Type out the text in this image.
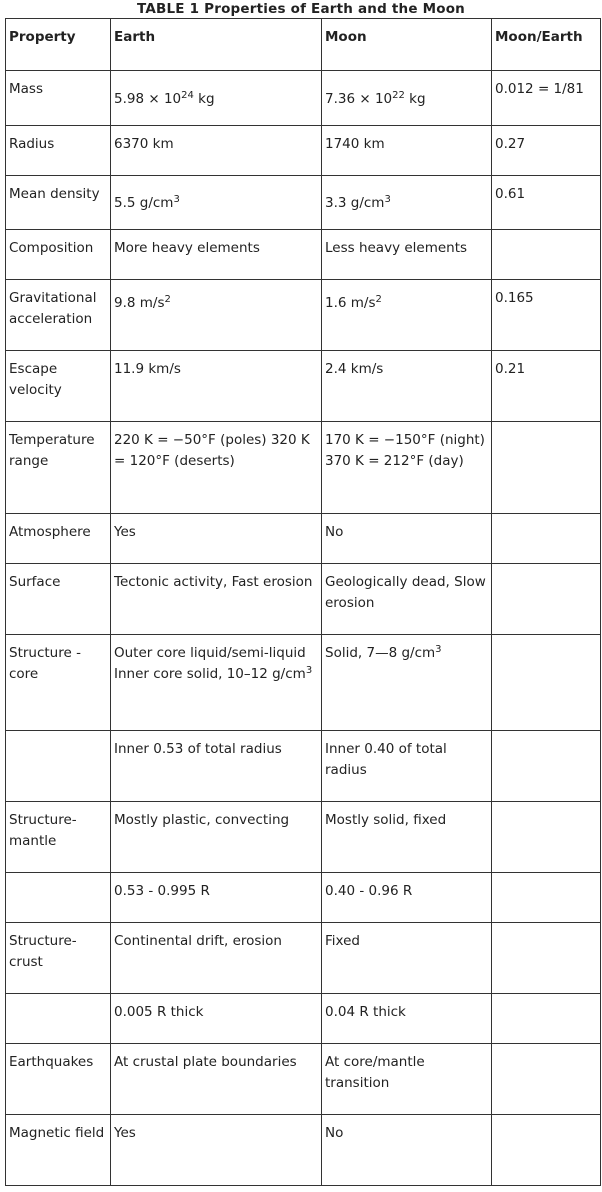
TABLE 1 Properties of Earth and the Moon
Property	Earth	Moon	Moon/Earth
Mass	$5.98 \times 10^{24}$ kg	$7.36 \times 10^{22}$ kg	0.012 = 1/81
Radius	6370 km	1740 km	0.27
Mean density	5.5 $g/cm^3$	3.3 $g/cm^3$	0.61
Composition	More heavy elements	Less heavy elements	
Gravitational acceleration	9.8 $m/s^2$	1.6 $m/s^2$	0.165
Escape velocity	11.9 km/s	2.4 km/s	0.21
Temperature range	220 K = −50°F (poles) 320 K = 120°F (deserts)	170 K = −150°F (night) 370 K = 212°F (day)	
Atmosphere	Yes	No	
Surface	Tectonic activity, Fast erosion	Geologically dead, Slow erosion	
Structure - core	Outer core liquid/semi-liquid Inner core solid, 10–12 $g/cm^3$	Solid, 7—8 $g/cm^3$	
	Inner 0.53 of total radius	Inner 0.40 of total radius	
Structure- mantle	Mostly plastic, convecting	Mostly solid, fixed	
	0.53 - 0.995 R	0.40 - 0.96 R	
Structure- crust	Continental drift, erosion	Fixed	
	0.005 R thick	0.04 R thick	
Earthquakes	At crustal plate boundaries	At core/mantle transition	
Magnetic field	Yes	No	
